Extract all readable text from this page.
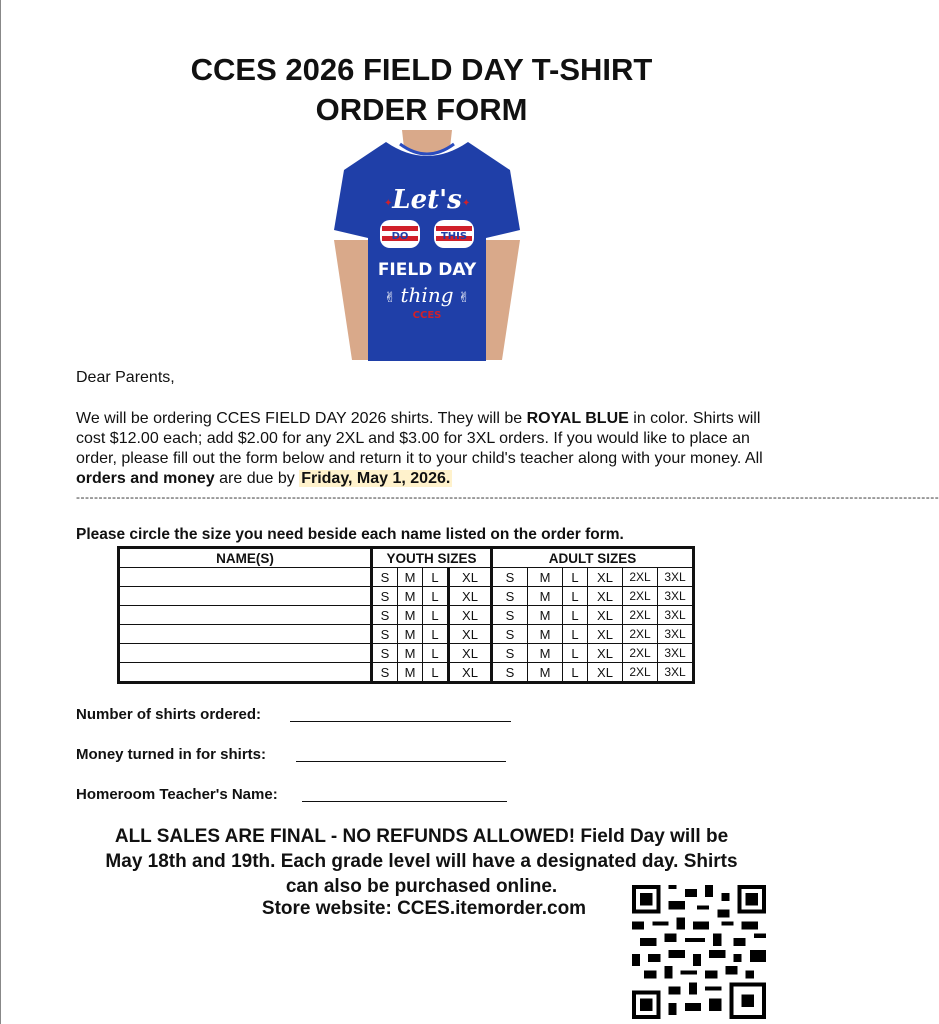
CCES 2026 FIELD DAY T-SHIRT
ORDER FORM
Let's
DO	THIS
FIELD DAY
thing
CCES
✌	✌
✦	✦
Dear Parents,
We will be ordering CCES FIELD DAY 2026 shirts. They will be ROYAL BLUE in color. Shirts will cost $12.00 each; add $2.00 for any 2XL and $3.00 for 3XL orders. If you would like to place an order, please fill out the form below and return it to your child's teacher along with your money. All orders and money are due by Friday, May 1, 2026.
------------------------------------------------------------------------------------------------------------------------------------------------------------------------------------------------
Please circle the size you need beside each name listed on the order form.
NAME(S)	YOUTH SIZES				ADULT SIZES					
	S	M	L	XL	S	M	L	XL	2XL	3XL
	S	M	L	XL	S	M	L	XL	2XL	3XL
	S	M	L	XL	S	M	L	XL	2XL	3XL
	S	M	L	XL	S	M	L	XL	2XL	3XL
	S	M	L	XL	S	M	L	XL	2XL	3XL
	S	M	L	XL	S	M	L	XL	2XL	3XL
Number of shirts ordered:
Money turned in for shirts:
Homeroom Teacher's Name:
ALL SALES ARE FINAL - NO REFUNDS ALLOWED! Field Day will be
May 18th and 19th. Each grade level will have a designated day. Shirts
can also be purchased online.
Store website: CCES.itemorder.com
